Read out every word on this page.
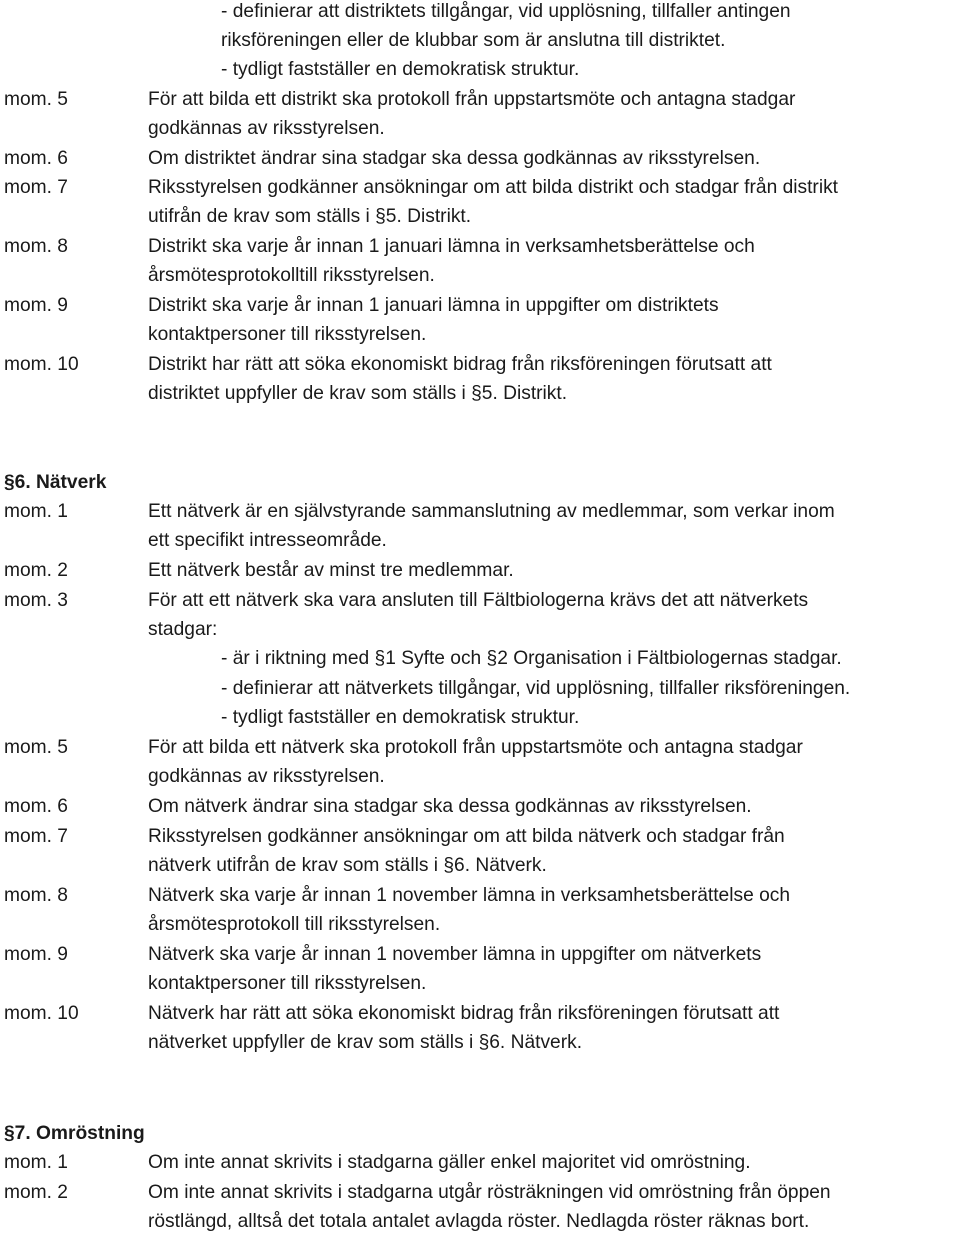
- definierar att distriktets tillgångar, vid upplösning, tillfaller antingen
riksföreningen eller de klubbar som är anslutna till distriktet.
- tydligt fastställer en demokratisk struktur.
mom. 5	För att bilda ett distrikt ska protokoll från uppstartsmöte och antagna stadgar
godkännas av riksstyrelsen.
mom. 6	Om distriktet ändrar sina stadgar ska dessa godkännas av riksstyrelsen.
mom. 7	Riksstyrelsen godkänner ansökningar om att bilda distrikt och stadgar från distrikt
utifrån de krav som ställs i §5. Distrikt.
mom. 8	Distrikt ska varje år innan 1 januari lämna in verksamhetsberättelse och
årsmötesprotokolltill riksstyrelsen.
mom. 9	Distrikt ska varje år innan 1 januari lämna in uppgifter om distriktets
kontaktpersoner till riksstyrelsen.
mom. 10	Distrikt har rätt att söka ekonomiskt bidrag från riksföreningen förutsatt att
distriktet uppfyller de krav som ställs i §5. Distrikt.
§6. Nätverk
mom. 1	Ett nätverk är en självstyrande sammanslutning av medlemmar, som verkar inom
ett specifikt intresseområde.
mom. 2	Ett nätverk består av minst tre medlemmar.
mom. 3	För att ett nätverk ska vara ansluten till Fältbiologerna krävs det att nätverkets
stadgar:
- är i riktning med §1 Syfte och §2 Organisation i Fältbiologernas stadgar.
- definierar att nätverkets tillgångar, vid upplösning, tillfaller riksföreningen.
- tydligt fastställer en demokratisk struktur.
mom. 5	För att bilda ett nätverk ska protokoll från uppstartsmöte och antagna stadgar
godkännas av riksstyrelsen.
mom. 6	Om nätverk ändrar sina stadgar ska dessa godkännas av riksstyrelsen.
mom. 7	Riksstyrelsen godkänner ansökningar om att bilda nätverk och stadgar från
nätverk utifrån de krav som ställs i §6. Nätverk.
mom. 8	Nätverk ska varje år innan 1 november lämna in verksamhetsberättelse och
årsmötesprotokoll till riksstyrelsen.
mom. 9	Nätverk ska varje år innan 1 november lämna in uppgifter om nätverkets
kontaktpersoner till riksstyrelsen.
mom. 10	Nätverk har rätt att söka ekonomiskt bidrag från riksföreningen förutsatt att
nätverket uppfyller de krav som ställs i §6. Nätverk.
§7. Omröstning
mom. 1	Om inte annat skrivits i stadgarna gäller enkel majoritet vid omröstning.
mom. 2	Om inte annat skrivits i stadgarna utgår rösträkningen vid omröstning från öppen
röstlängd, alltså det totala antalet avlagda röster. Nedlagda röster räknas bort.
